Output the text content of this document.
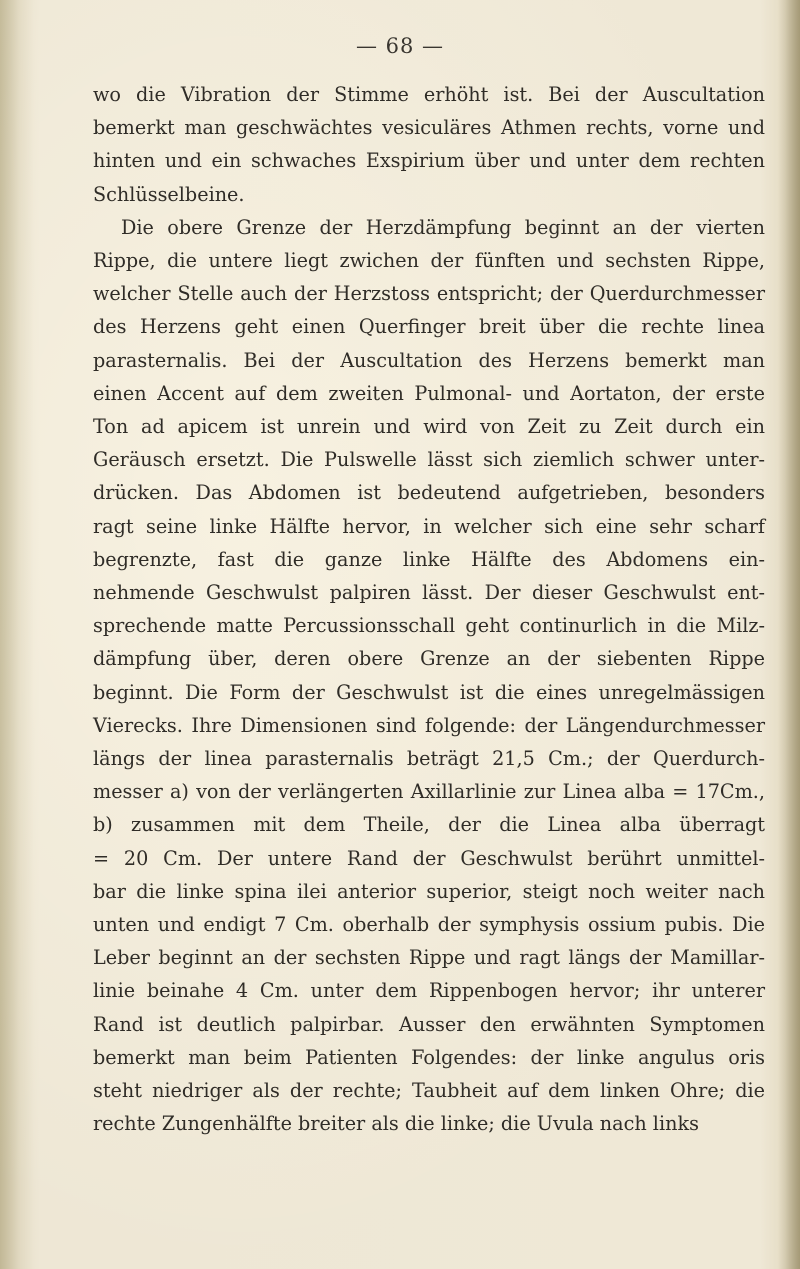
— 68 —
wo die Vibration der Stimme erhöht ist. Bei der Auscultation
bemerkt man geschwächtes vesiculäres Athmen rechts, vorne und
hinten und ein schwaches Exspirium über und unter dem rechten
Schlüsselbeine.
Die obere Grenze der Herzdämpfung beginnt an der vierten
Rippe, die untere liegt zwichen der fünften und sechsten Rippe,
welcher Stelle auch der Herzstoss entspricht; der Querdurchmesser
des Herzens geht einen Querfinger breit über die rechte linea
parasternalis. Bei der Auscultation des Herzens bemerkt man
einen Accent auf dem zweiten Pulmonal- und Aortaton, der erste
Ton ad apicem ist unrein und wird von Zeit zu Zeit durch ein
Geräusch ersetzt. Die Pulswelle lässt sich ziemlich schwer unter-
drücken. Das Abdomen ist bedeutend aufgetrieben, besonders
ragt seine linke Hälfte hervor, in welcher sich eine sehr scharf
begrenzte, fast die ganze linke Hälfte des Abdomens ein-
nehmende Geschwulst palpiren lässt. Der dieser Geschwulst ent-
sprechende matte Percussionsschall geht continurlich in die Milz-
dämpfung über, deren obere Grenze an der siebenten Rippe
beginnt. Die Form der Geschwulst ist die eines unregelmässigen
Vierecks. Ihre Dimensionen sind folgende: der Längendurchmesser
längs der linea parasternalis beträgt 21,5 Cm.; der Querdurch-
messer a) von der verlängerten Axillarlinie zur Linea alba = 17Cm.,
b) zusammen mit dem Theile, der die Linea alba überragt
= 20 Cm. Der untere Rand der Geschwulst berührt unmittel-
bar die linke spina ilei anterior superior, steigt noch weiter nach
unten und endigt 7 Cm. oberhalb der symphysis ossium pubis. Die
Leber beginnt an der sechsten Rippe und ragt längs der Mamillar-
linie beinahe 4 Cm. unter dem Rippenbogen hervor; ihr unterer
Rand ist deutlich palpirbar. Ausser den erwähnten Symptomen
bemerkt man beim Patienten Folgendes: der linke angulus oris
steht niedriger als der rechte; Taubheit auf dem linken Ohre; die
rechte Zungenhälfte breiter als die linke; die Uvula nach links
